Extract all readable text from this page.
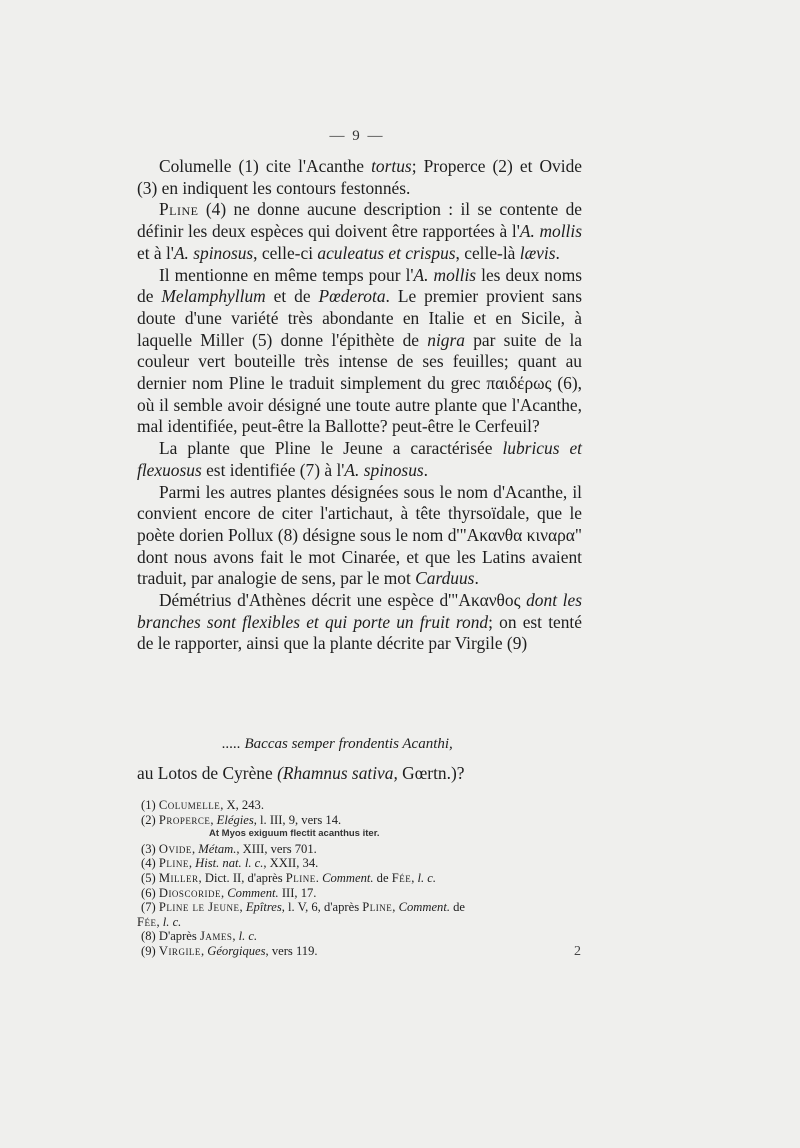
— 9 —

Columelle (1) cite l'Acanthe tortus; Properce (2) et Ovide (3) en indiquent les contours festonnés.

Pline (4) ne donne aucune description : il se contente de définir les deux espèces qui doivent être rapportées à l'A. mollis et à l'A. spinosus, celle-ci aculeatus et crispus, celle-là lævis.

Il mentionne en même temps pour l'A. mollis les deux noms de Melamphyllum et de Pœderota. Le premier provient sans doute d'une variété très abondante en Italie et en Sicile, à laquelle Miller (5) donne l'épithète de nigra par suite de la couleur vert bouteille très intense de ses feuilles; quant au dernier nom Pline le traduit simplement du grec παιδέρως (6), où il semble avoir désigné une toute autre plante que l'Acanthe, mal identifiée, peut-être la Ballotte? peut-être le Cerfeuil?

La plante que Pline le Jeune a caractérisée lubricus et flexuosus est identifiée (7) à l'A. spinosus.

Parmi les autres plantes désignées sous le nom d'Acanthe, il convient encore de citer l'artichaut, à tête thyrsoïdale, que le poète dorien Pollux (8) désigne sous le nom d'"Ακανθα κιναρα" dont nous avons fait le mot Cinarée, et que les Latins avaient traduit, par analogie de sens, par le mot Carduus.

Démétrius d'Athènes décrit une espèce d'"Ακανθος dont les branches sont flexibles et qui porte un fruit rond; on est tenté de le rapporter, ainsi que la plante décrite par Virgile (9)

..... Baccas semper frondentis Acanthi,
au Lotos de Cyrène (Rhamnus sativa, Gœrtn.)?
(1) Columelle, X, 243.
(2) Properce, Elégies, l. III, 9, vers 14.
At Myos exiguum flectit acanthus iter.
(3) Ovide, Métam., XIII, vers 701.
(4) Pline, Hist. nat. l. c., XXII, 34.
(5) Miller, Dict. II, d'après Pline. Comment. de Fée, l. c.
(6) Dioscoride, Comment. III, 17.
(7) Pline le Jeune, Epîtres, l. V, 6, d'après Pline, Comment. de
Fée, l. c.
(8) D'après James, l. c.
(9) Virgile, Géorgiques, vers 119.	2
